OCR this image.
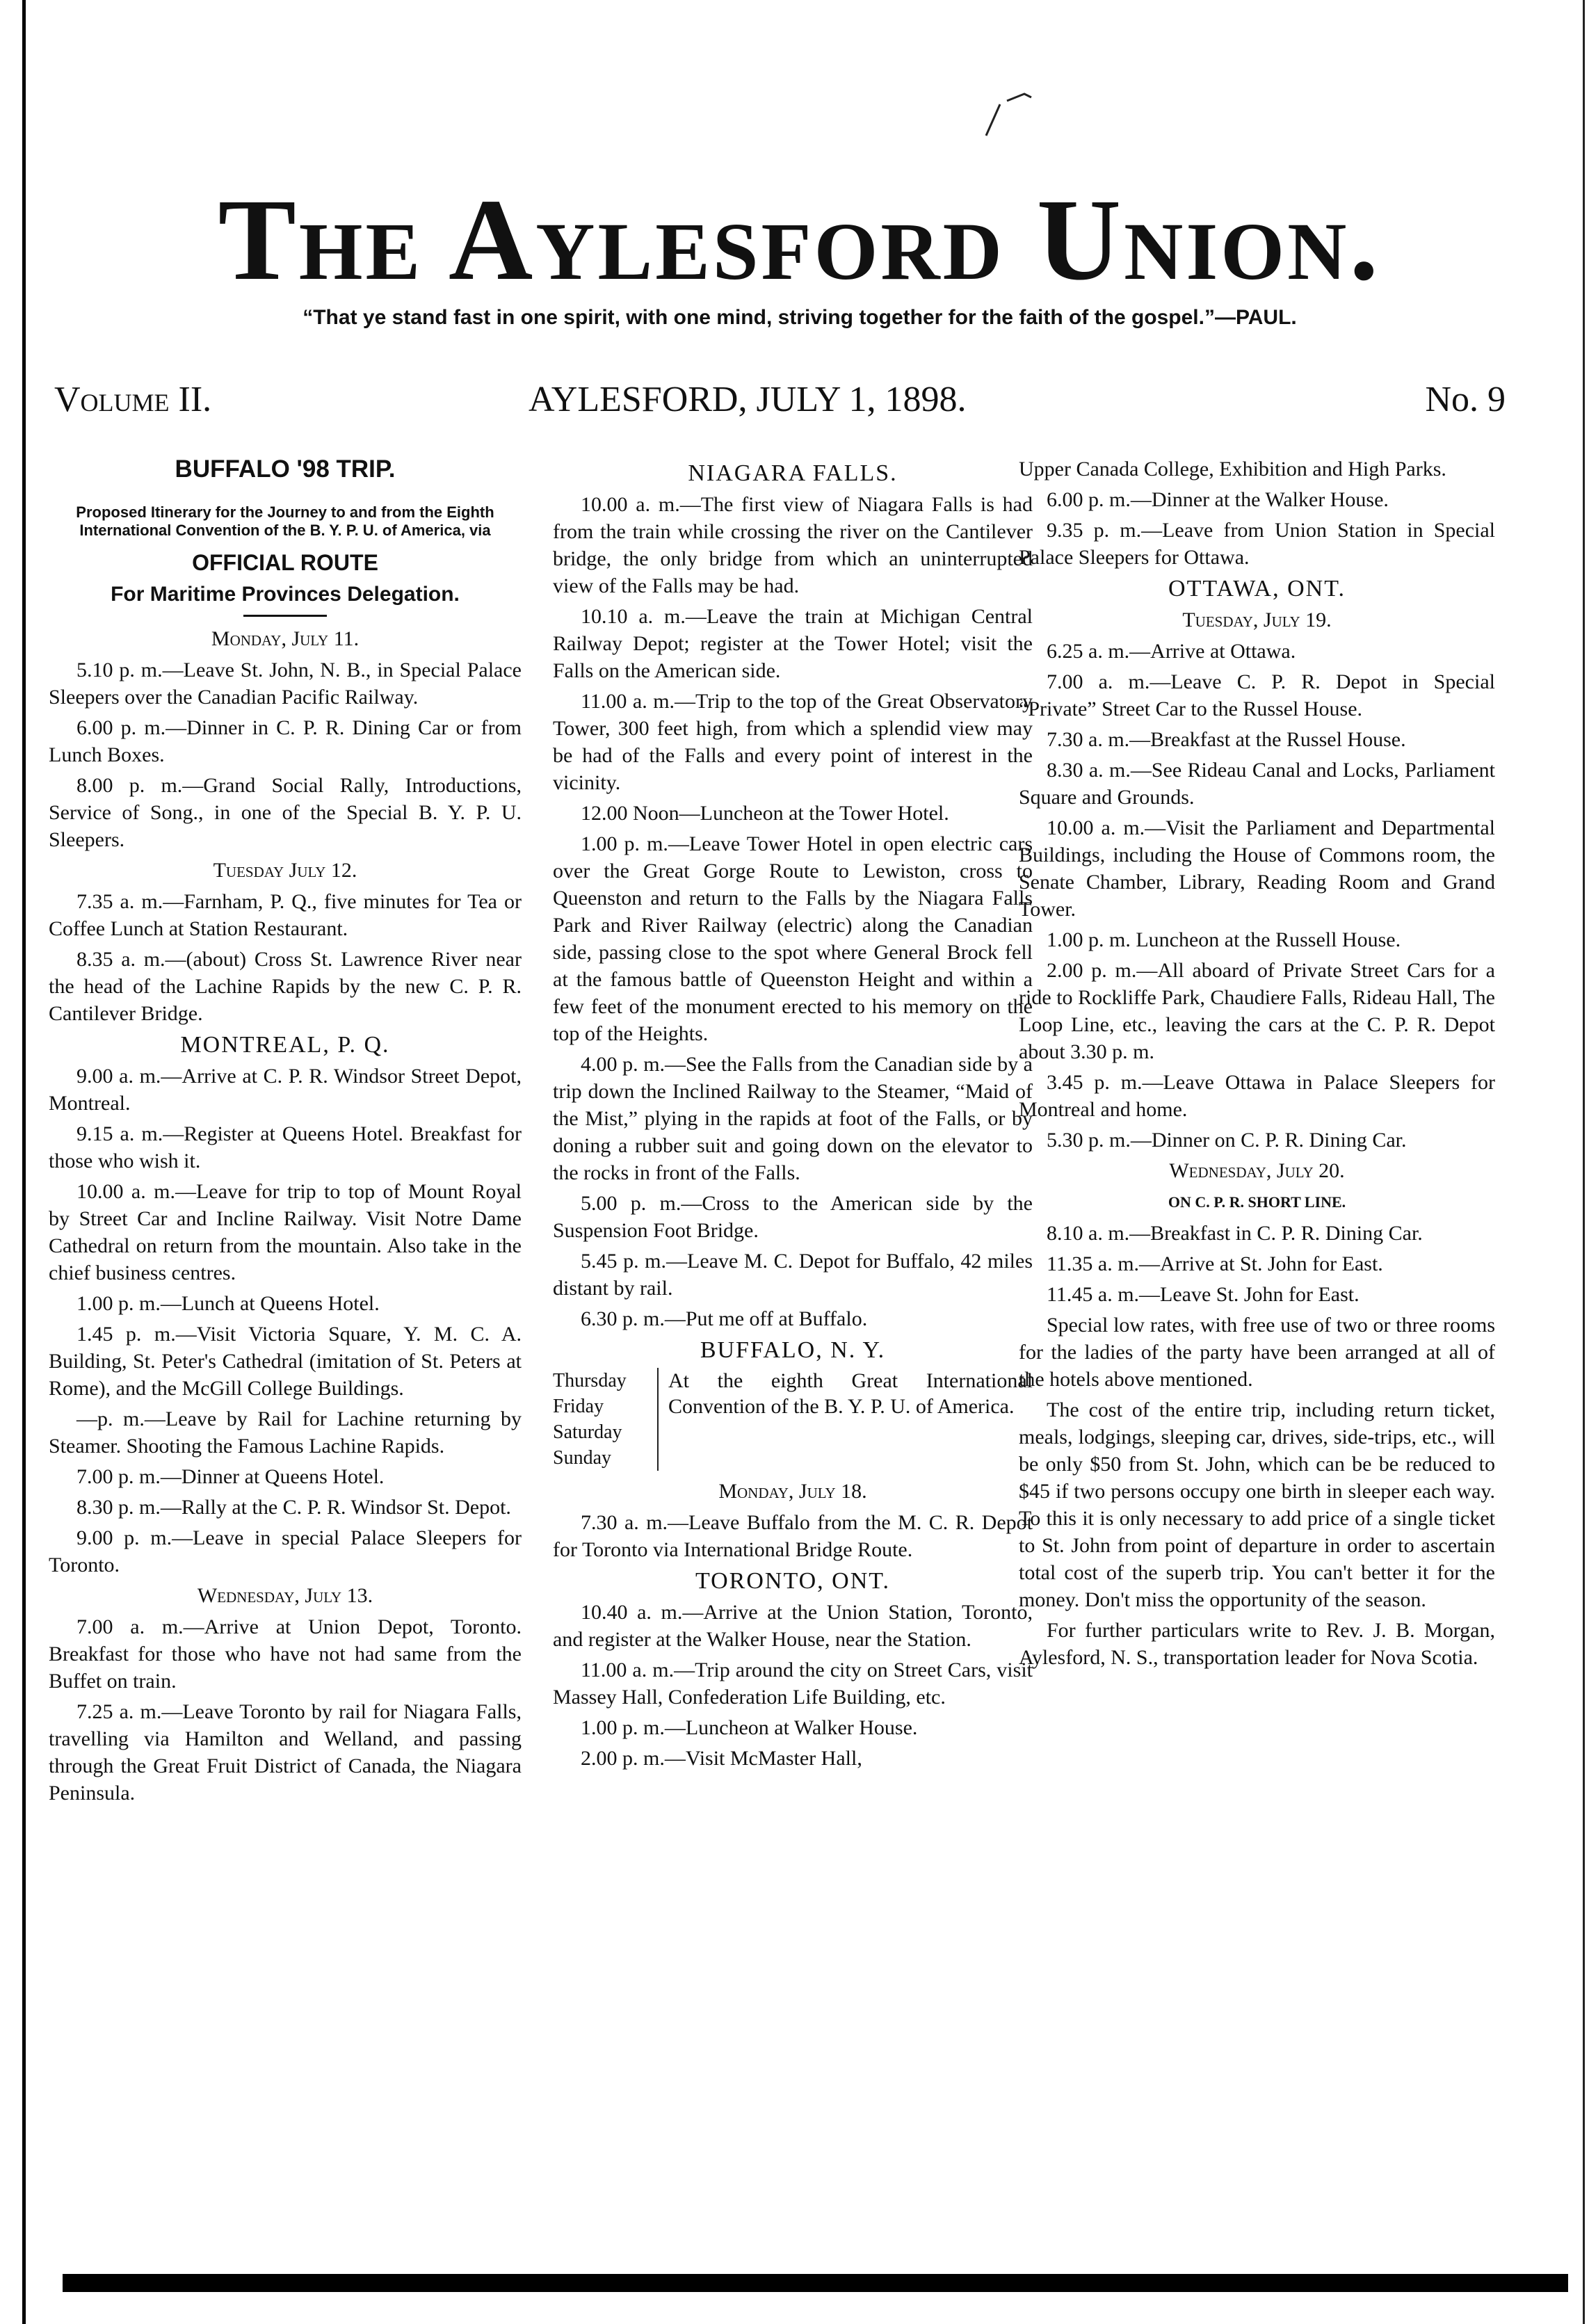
The Aylesford Union.
“That ye stand fast in one spirit, with one mind, striving together for the faith of the gospel.”—PAUL.
Volume II.	AYLESFORD, JULY 1, 1898.	No. 9

BUFFALO '98 TRIP.

Proposed Itinerary for the Journey to and from the Eighth International Convention of the B. Y. P. U. of America, via

OFFICIAL ROUTE

For Maritime Provinces Delegation.

Monday, July 11.

5.10 p. m.—Leave St. John, N. B., in Special Palace Sleepers over the Canadian Pacific Railway.

6.00 p. m.—Dinner in C. P. R. Dining Car or from Lunch Boxes.

8.00 p. m.—Grand Social Rally, Introductions, Service of Song., in one of the Special B. Y. P. U. Sleepers.

Tuesday July 12.

7.35 a. m.—Farnham, P. Q., five minutes for Tea or Coffee Lunch at Station Restaurant.

8.35 a. m.—(about) Cross St. Lawrence River near the head of the Lachine Rapids by the new C. P. R. Cantilever Bridge.

MONTREAL, P. Q.

9.00 a. m.—Arrive at C. P. R. Windsor Street Depot, Montreal.

9.15 a. m.—Register at Queens Hotel. Breakfast for those who wish it.

10.00 a. m.—Leave for trip to top of Mount Royal by Street Car and Incline Railway. Visit Notre Dame Cathedral on return from the mountain. Also take in the chief business centres.

1.00 p. m.—Lunch at Queens Hotel.

1.45 p. m.—Visit Victoria Square, Y. M. C. A. Building, St. Peter's Cathedral (imitation of St. Peters at Rome), and the McGill College Buildings.

—p. m.—Leave by Rail for Lachine returning by Steamer. Shooting the Famous Lachine Rapids.

7.00 p. m.—Dinner at Queens Hotel.

8.30 p. m.—Rally at the C. P. R. Windsor St. Depot.

9.00 p. m.—Leave in special Palace Sleepers for Toronto.

Wednesday, July 13.

7.00 a. m.—Arrive at Union Depot, Toronto. Breakfast for those who have not had same from the Buffet on train.

7.25 a. m.—Leave Toronto by rail for Niagara Falls, travelling via Hamilton and Welland, and passing through the Great Fruit District of Canada, the Niagara Peninsula.

NIAGARA FALLS.

10.00 a. m.—The first view of Niagara Falls is had from the train while crossing the river on the Cantilever bridge, the only bridge from which an uninterrupted view of the Falls may be had.

10.10 a. m.—Leave the train at Michigan Central Railway Depot; register at the Tower Hotel; visit the Falls on the American side.

11.00 a. m.—Trip to the top of the Great Observatory Tower, 300 feet high, from which a splendid view may be had of the Falls and every point of interest in the vicinity.

12.00 Noon—Luncheon at the Tower Hotel.

1.00 p. m.—Leave Tower Hotel in open electric cars over the Great Gorge Route to Lewiston, cross to Queenston and return to the Falls by the Niagara Falls Park and River Railway (electric) along the Canadian side, passing close to the spot where General Brock fell at the famous battle of Queenston Height and within a few feet of the monument erected to his memory on the top of the Heights.

4.00 p. m.—See the Falls from the Canadian side by a trip down the Inclined Railway to the Steamer, “Maid of the Mist,” plying in the rapids at foot of the Falls, or by doning a rubber suit and going down on the elevator to the rocks in front of the Falls.

5.00 p. m.—Cross to the American side by the Suspension Foot Bridge.

5.45 p. m.—Leave M. C. Depot for Buffalo, 42 miles distant by rail.

6.30 p. m.—Put me off at Buffalo.

BUFFALO, N. Y.

Thursday
Friday
Saturday
Sunday
At the eighth Great International Convention of the B. Y. P. U. of America.

Monday, July 18.

7.30 a. m.—Leave Buffalo from the M. C. R. Depot for Toronto via International Bridge Route.

TORONTO, ONT.

10.40 a. m.—Arrive at the Union Station, Toronto, and register at the Walker House, near the Station.

11.00 a. m.—Trip around the city on Street Cars, visit Massey Hall, Confederation Life Building, etc.

1.00 p. m.—Luncheon at Walker House.

2.00 p. m.—Visit McMaster Hall,

Upper Canada College, Exhibition and High Parks.

6.00 p. m.—Dinner at the Walker House.

9.35 p. m.—Leave from Union Station in Special Palace Sleepers for Ottawa.

OTTAWA, ONT.

Tuesday, July 19.

6.25 a. m.—Arrive at Ottawa.

7.00 a. m.—Leave C. P. R. Depot in Special “Private” Street Car to the Russel House.

7.30 a. m.—Breakfast at the Russel House.

8.30 a. m.—See Rideau Canal and Locks, Parliament Square and Grounds.

10.00 a. m.—Visit the Parliament and Departmental Buildings, including the House of Commons room, the Senate Chamber, Library, Reading Room and Grand Tower.

1.00 p. m. Luncheon at the Russell House.

2.00 p. m.—All aboard of Private Street Cars for a ride to Rockliffe Park, Chaudiere Falls, Rideau Hall, The Loop Line, etc., leaving the cars at the C. P. R. Depot about 3.30 p. m.

3.45 p. m.—Leave Ottawa in Palace Sleepers for Montreal and home.

5.30 p. m.—Dinner on C. P. R. Dining Car.

Wednesday, July 20.

ON C. P. R. SHORT LINE.

8.10 a. m.—Breakfast in C. P. R. Dining Car.

11.35 a. m.—Arrive at St. John for East.

11.45 a. m.—Leave St. John for East.

Special low rates, with free use of two or three rooms for the ladies of the party have been arranged at all of the hotels above mentioned.

The cost of the entire trip, including return ticket, meals, lodgings, sleeping car, drives, side-trips, etc., will be only $50 from St. John, which can be be reduced to $45 if two persons occupy one birth in sleeper each way. To this it is only necessary to add price of a single ticket to St. John from point of departure in order to ascertain total cost of the superb trip. You can't better it for the money. Don't miss the opportunity of the season.

For further particulars write to Rev. J. B. Morgan, Aylesford, N. S., transportation leader for Nova Scotia.
